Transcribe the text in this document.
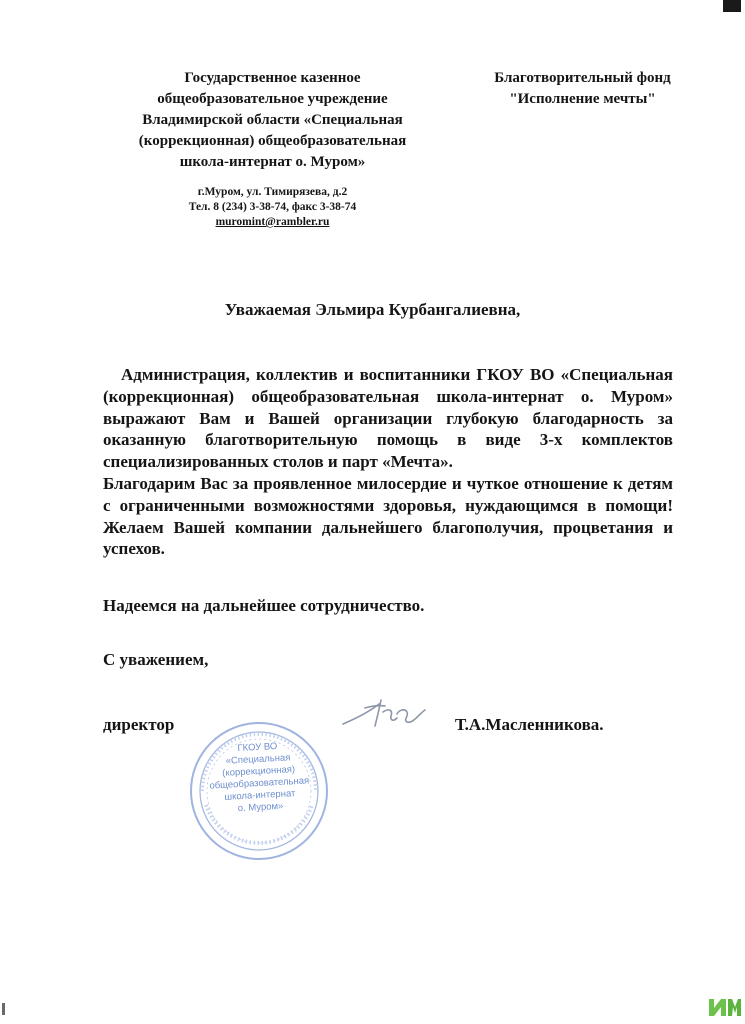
Государственное казенное
общеобразовательное учреждение
Владимирской области «Специальная
(коррекционная) общеобразовательная
школа-интернат о. Муром»
г.Муром, ул. Тимирязева, д.2
Тел. 8 (234) 3-38-74, факс 3-38-74
muromint@rambler.ru
Благотворительный фонд
"Исполнение мечты"
Уважаемая Эльмира Курбангалиевна,

Администрация, коллектив и воспитанники ГКОУ ВО «Специальная (коррекционная) общеобразовательная школа-интернат о. Муром» выражают Вам и Вашей организации глубокую благодарность за оказанную благотворительную помощь в виде 3-х комплектов специализированных столов и парт «Мечта».

Благодарим Вас за проявленное милосердие и чуткое отношение к детям с ограниченными возможностями здоровья, нуждающимся в помощи! Желаем Вашей компании дальнейшего благополучия, процветания и успехов.

Надеемся на дальнейшее сотрудничество.
С уважением,
директор	Т.А.Масленникова.
ГКОУ ВО
«Специальная
(коррекционная)
общеобразовательная
школа-интернат
о. Муром»
